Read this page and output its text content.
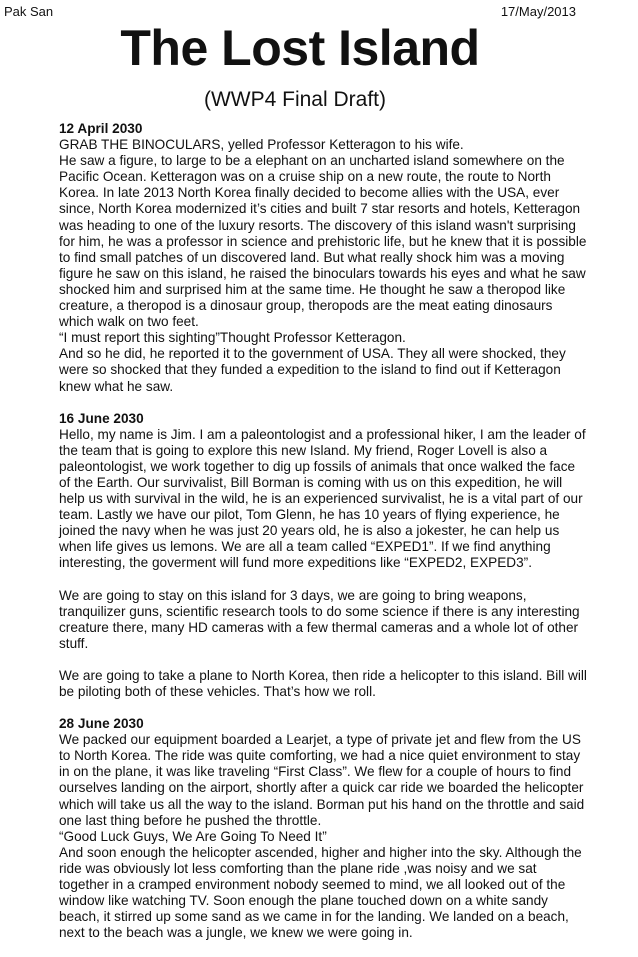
Pak San	17/May/2013
The Lost Island
(WWP4 Final Draft)
12 April 2030

GRAB THE BINOCULARS, yelled Professor Ketteragon to his wife.

He saw a figure, to large to be a elephant on an uncharted island somewhere on the Pacific Ocean. Ketteragon was on a cruise ship on a new route, the route to North Korea. In late 2013 North Korea finally decided to become allies with the USA, ever since, North Korea modernized it’s cities and built 7 star resorts and hotels, Ketteragon was heading to one of the luxury resorts. The discovery of this island wasn't surprising for him, he was a professor in science and prehistoric life, but he knew that it is possible to find small patches of un discovered land. But what really shock him was a moving figure he saw on this island, he raised the binoculars towards his eyes and what he saw shocked him and surprised him at the same time. He thought he saw a theropod like creature, a theropod is a dinosaur group, theropods are the meat eating dinosaurs which walk on two feet.

“I must report this sighting”Thought Professor Ketteragon.

And so he did, he reported it to the government of USA. They all were shocked, they were so shocked that they funded a expedition to the island to find out if Ketteragon knew what he saw.

16 June 2030

Hello, my name is Jim. I am a paleontologist and a professional hiker, I am the leader of the team that is going to explore this new Island. My friend, Roger Lovell is also a paleontologist, we work together to dig up fossils of animals that once walked the face of the Earth. Our survivalist, Bill Borman is coming with us on this expedition, he will help us with survival in the wild, he is an experienced survivalist, he is a vital part of our team. Lastly we have our pilot, Tom Glenn, he has 10 years of flying experience, he joined the navy when he was just 20 years old, he is also a jokester, he can help us when life gives us lemons. We are all a team called “EXPED1”. If we find anything interesting, the goverment will fund more expeditions like “EXPED2, EXPED3”.

We are going to stay on this island for 3 days, we are going to bring weapons, tranquilizer guns, scientific research tools to do some science if there is any interesting creature there, many HD cameras with a few thermal cameras and a whole lot of other stuff.

We are going to take a plane to North Korea, then ride a helicopter to this island. Bill will be piloting both of these vehicles. That’s how we roll.

28 June 2030

We packed our equipment boarded a Learjet, a type of private jet and flew from the US to North Korea. The ride was quite comforting, we had a nice quiet environment to stay in on the plane, it was like traveling “First Class”. We flew for a couple of hours to find ourselves landing on the airport, shortly after a quick car ride we boarded the helicopter which will take us all the way to the island. Borman put his hand on the throttle and said one last thing before he pushed the throttle.

“Good Luck Guys, We Are Going To Need It”

And soon enough the helicopter ascended, higher and higher into the sky. Although the ride was obviously lot less comforting than the plane ride ,was noisy and we sat together in a cramped environment nobody seemed to mind, we all looked out of the window like watching TV. Soon enough the plane touched down on a white sandy beach, it stirred up some sand as we came in for the landing. We landed on a beach, next to the beach was a jungle, we knew we were going in.
